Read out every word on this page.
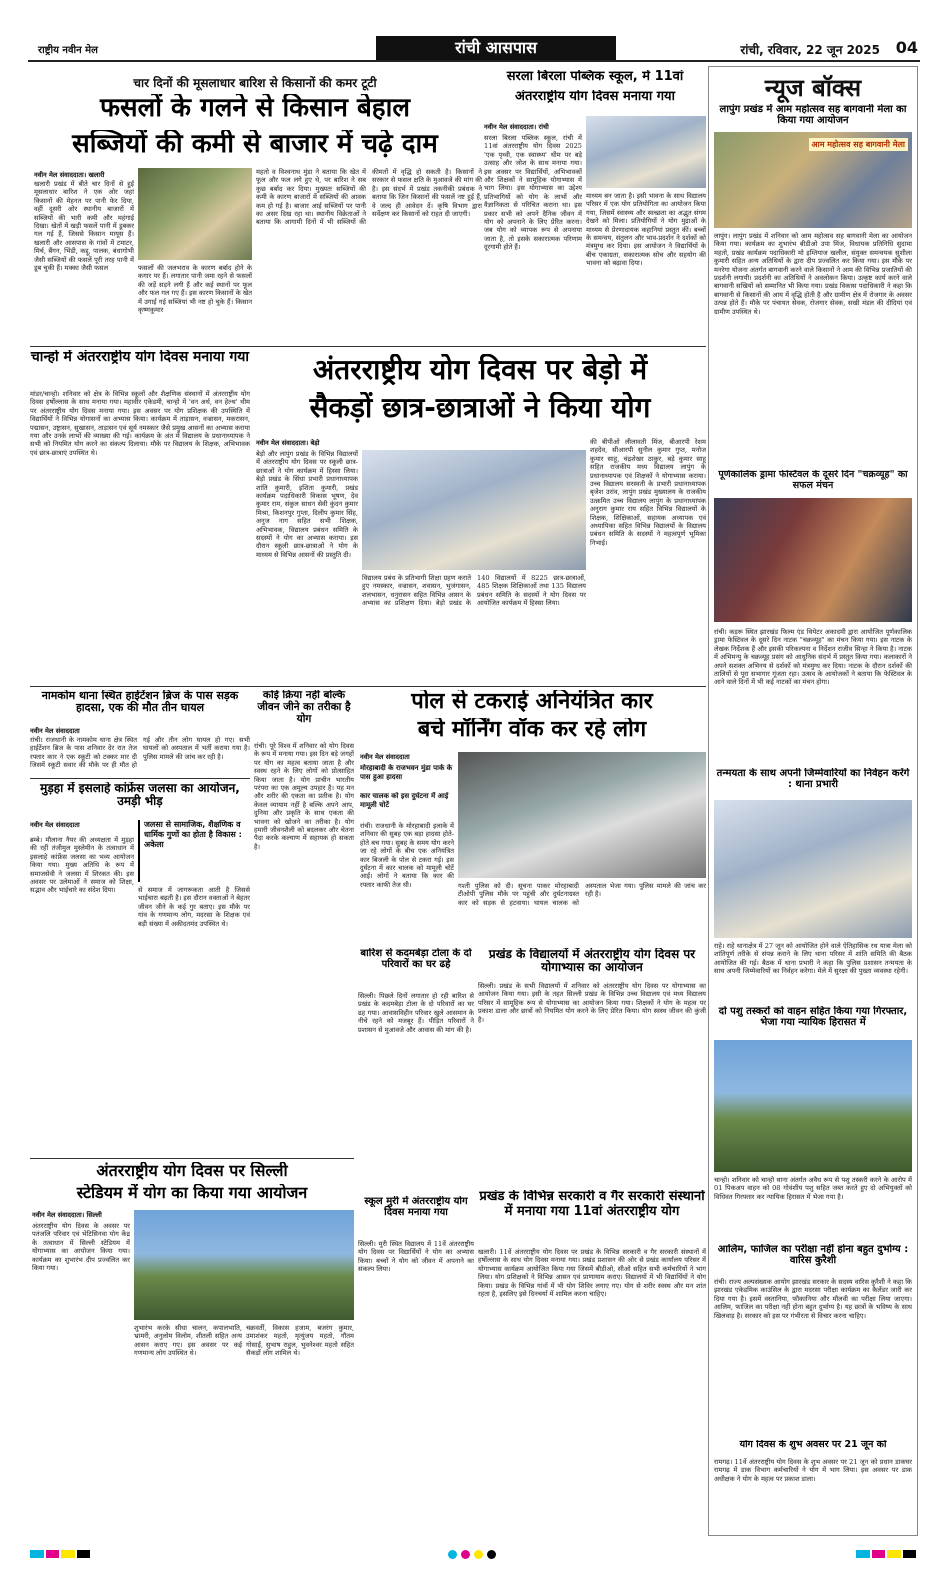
राष्ट्रीय नवीन मेल	रांची आसपास	रांची, रविवार, 22 जून 2025 04
चार दिनों की मूसलाधार बारिश से किसानों की कमर टूटी
फसलों के गलने से किसान बेहाल
सब्जियों की कमी से बाजार में चढ़े दाम
नवीन मेल संवाददाता। खलारी
खलारी प्रखंड में बीते चार दिनों से हुई मूसलाधार बारिश ने एक ओर जहां किसानों की मेहनत पर पानी फेर दिया, वहीं दूसरी ओर स्थानीय बाजारों में सब्जियों की भारी कमी और महंगाई दिखा। खेतों में खड़ी फसलें पानी में डूबकर गल गई हैं, जिससे किसान मायूस हैं। खलारी और आसपास के गांवों में टमाटर, मिर्च, बैंगन, भिंडी, कद्दू, पालक, बंधागोभी जैसी सब्जियों की फसलें पूरी तरह पानी में डूब चुकी हैं। मक्का जैसी फसल	फसलों की जलभराव के कारण बर्बाद होने के कगार पर हैं। लगातार पानी जमा रहने से फसलों की जड़ें सड़ने लगी हैं और कई स्थानों पर फूल और फल गल गए हैं। इस कारण किसानों के खेत में उगाई गई सब्जियां भी नष्ट हो चुके हैं। किसान कृष्णकुमार
महतो व विश्वनाथ मुंडा ने बताया कि खेत में फूल और फल लगे हुए थे, पर बारिश ने सब कुछ बर्बाद कर दिया। मुख्यतः सब्जियों की कमी के कारण बाजारों में सब्जियों की आवक कम हो गई है। बाजार आई सब्जियों पर पानी का असर दिख रहा था। स्थानीय विक्रेताओं ने बताया कि आगामी दिनों में भी सब्जियों की कीमतों में वृद्धि हो सकती है। किसानों ने सरकार से फसल क्षति के मुआवजे की मांग की है। इस संदर्भ में प्रखंड तकनीकी प्रबंधक ने बताया कि जिन किसानों की फसलें नष्ट हुई हैं, वे जल्द ही आवेदन दें। कृषि विभाग द्वारा सर्वेक्षण कर किसानों को राहत दी जाएगी।
सरला बिरला पब्लिक स्कूल, में 11वां
अंतरराष्ट्रीय योग दिवस मनाया गया
नवीन मेल संवाददाता। रांची
सरला बिरला पब्लिक स्कूल, रांची में 11वां अंतरराष्ट्रीय योग दिवस 2025 'एक पृथ्वी, एक स्वास्थ्य' थीम पर बड़े उत्साह और जोश के साथ मनाया गया। इस अवसर पर विद्यार्थियों, अभिभावकों और शिक्षकों ने सामूहिक योगाभ्यास में भाग लिया। इस योगाभ्यास का उद्देश्य प्रतिभागियों को योग के लाभों और वैज्ञानिकता से परिचित कराना था। इस प्रकार सभी को अपने दैनिक जीवन में योग को अपनाने के लिए प्रेरित करना। जब योग को व्यापक रूप से अपनाया जाता है, तो इसके सकारात्मक परिणाम दूरगामी होते हैं।
माध्यम बन जाता है। इसी भावना के साथ विद्यालय परिसर में एक योग प्रतियोगिता का आयोजन किया गया, जिसमें स्वास्थ्य और स्वच्छता का अद्भुत संगम देखने को मिला। प्रतियोगियों ने योग मुद्राओं के माध्यम से प्रेरणादायक कहानियां प्रस्तुत कीं। बच्चों के समन्वय, संतुलन और भाव-प्रदर्शन ने दर्शकों को मंत्रमुग्ध कर दिया। इस आयोजन ने विद्यार्थियों के बीच एकाग्रता, सकारात्मक सोच और सहयोग की भावना को बढ़ावा दिया।
न्यूज बॉक्स
लापुंग प्रखंड में आम महोत्सव सह बागवानी मेला का किया गया आयोजन
आम महोत्सव सह बागवानी मेला
लापुंग। लापुंग प्रखंड में शनिवार को आम महोत्सव सह बागवानी मेला का आयोजन किया गया। कार्यक्रम का शुभारंभ बीडीओ उपा मिंज, विधायक प्रतिनिधि सुदामा महतो, प्रखंड कार्यक्रम पदाधिकारी मो इम्तियाज खलील, संयुक्त समन्वयक सुशीला कुमारी सहित अन्य अतिथियों के द्वारा दीप प्रज्वलित कर किया गया। इस मौके पर मनरेगा योजना अंतर्गत बागवानी करने वाले किसानों ने आम की विभिन्न प्रजातियों की प्रदर्शनी लगायी। प्रदर्शनी का अतिथियों ने अवलोकन किया। उत्कृष्ट कार्य करने वाले बागवानी सखियों को सम्मानित भी किया गया। प्रखंड विकास पदाधिकारी ने कहा कि बागवानी से किसानों की आय में वृद्धि होती है और ग्रामीण क्षेत्र में रोजगार के अवसर उत्पन्न होते हैं। मौके पर पंचायत सेवक, रोजगार सेवक, सखी मंडल की दीदियां एवं ग्रामीण उपस्थित थे।
पूर्णकालिक ड्रामा फेस्टिवल के दूसरे दिन "चक्रव्यूह" का सफल मंचन
रांची। कड़रू स्थित झारखंड फिल्म एंड थियेटर अकादमी द्वारा आयोजित पूर्णकालिक ड्रामा फेस्टिवल के दूसरे दिन नाटक "चक्रव्यूह" का मंचन किया गया। इस नाटक के लेखक निर्देशक हैं और इसकी परिकल्पना व निर्देशन राजीव सिन्हा ने किया है। नाटक में अभिमन्यु के चक्रव्यूह प्रसंग को आधुनिक संदर्भ में प्रस्तुत किया गया। कलाकारों ने अपने सशक्त अभिनय से दर्शकों को मंत्रमुग्ध कर दिया। नाटक के दौरान दर्शकों की तालियों से पूरा सभागार गूंजता रहा। उत्सव के आयोजकों ने बताया कि फेस्टिवल के आने वाले दिनों में भी कई नाटकों का मंचन होगा।
तन्मयता के साथ अपनी जिम्मेवारियों का निर्वहन करेंगे : थाना प्रभारी
राहे। राहे थानाक्षेत्र में 27 जून को आयोजित होने वाले ऐतिहासिक रथ यात्रा मेला को शांतिपूर्ण तरीके से संपन्न कराने के लिए थाना परिसर में शांति समिति की बैठक आयोजित की गई। बैठक में थाना प्रभारी ने कहा कि पुलिस प्रशासन तन्मयता के साथ अपनी जिम्मेवारियों का निर्वहन करेगा। मेले में सुरक्षा की पुख्ता व्यवस्था रहेगी।
दो पशु तस्करों को वाहन सहित किया गया गिरफ्तार, भेजा गया न्यायिक हिरासत में
चान्हो। शनिवार को चान्हो थाना अंतर्गत अवैध रूप से पशु तस्करी करने के आरोप में 01 पिकअप वाहन को 08 गोवंशीय पशु सहित जब्त करते हुए दो अभियुक्तों को विधिवत गिरफ्तार कर न्यायिक हिरासत में भेजा गया है।
आलिम, फाजिल का परीक्षा नहीं होना बहुत दुर्भाग्य : वारिस कुरैशी
रांची। राज्य अल्पसंख्यक आयोग झारखंड सरकार के सदस्य वारिस कुरैशी ने कहा कि झारखंड एकेडमिक काउंसिल के द्वारा मदरसा परीक्षा कार्यक्रम का कैलेंडर जारी कर दिया गया है। इसमें वस्तानिया, फौकानिया और मौलवी का परीक्षा लिया जाएगा। आलिम, फाजिल का परीक्षा नहीं होना बहुत दुर्भाग्य है। यह छात्रों के भविष्य के साथ खिलवाड़ है। सरकार को इस पर गंभीरता से विचार करना चाहिए।
योग दिवस के शुभ अवसर पर 21 जून को
रामगढ़। 11वें अंतरराष्ट्रीय योग दिवस के शुभ अवसर पर 21 जून को प्रधान डाकघर रामगढ़ में डाक विभाग कर्मचारियों ने योग में भाग लिया। इस अवसर पर डाक अधीक्षक ने योग के महत्व पर प्रकाश डाला।
चान्हो में अंतरराष्ट्रीय योग दिवस मनाया गया
मांडर/चान्हो। शनिवार को क्षेत्र के विभिन्न स्कूलों और शैक्षणिक संस्थानों में अंतरराष्ट्रीय योग दिवस हर्षोल्लास के साथ मनाया गया। महावीर एकेडमी, चान्हो में 'वन अर्थ, वन हेल्थ' थीम पर अंतरराष्ट्रीय योग दिवस मनाया गया। इस अवसर पर योग प्रशिक्षक की उपस्थिति में विद्यार्थियों ने विभिन्न योगासनों का अभ्यास किया। कार्यक्रम में ताड़ासन, वज्रासन, मकरासन, पद्मासन, उष्ट्रासन, सुखासन, ताड़ासन एवं सूर्य नमस्कार जैसे प्रमुख आसनों का अभ्यास कराया गया और उनके लाभों की व्याख्या की गई। कार्यक्रम के अंत में विद्यालय के प्रधानाध्यापक ने सभी को नियमित योग करने का संकल्प दिलाया। मौके पर विद्यालय के शिक्षक, अभिभावक एवं छात्र-छात्राएं उपस्थित थे।
अंतरराष्ट्रीय योग दिवस पर बेड़ो में
सैकड़ों छात्र-छात्राओं ने किया योग
नवीन मेल संवाददाता। बेड़ो
बेड़ो और लापुंग प्रखंड के विभिन्न विद्यालयों में अंतरराष्ट्रीय योग दिवस पर स्कूली छात्र-छात्राओं ने योग कार्यक्रम में हिस्सा लिया। बेड़ो प्रखंड के सिंधा प्रभारी प्रधानाध्यापक शांति कुमारी, इशिता कुमारी, प्रखंड कार्यक्रम पदाधिकारी विकास भूषण, देव कुमार राम, संकुल साधन सेवी कुंदन कुमार मिश्रा, किशनपुर गुप्ता, दिलीप कुमार सिंह, अनुज नाग सहित सभी शिक्षक, अभिभावक, विद्यालय प्रबंधन समिति के सदस्यों ने योग का अभ्यास कराया। इस दौरान स्कूली छात्र-छात्राओं ने योग के माध्यम से विभिन्न आसनों की प्रस्तुति दी।
विद्यालय प्रबंध के प्रतिभागी शिक्षा ग्रहण कराते हुए नमस्कार, वज्रासन, शवासन, भुजंगासन, शलभासन, धनुरासन सहित विभिन्न आसन के अभ्यास का प्रशिक्षण दिया। बेड़ो प्रखंड के 140 विद्यालयों में 8225 छात्र-छात्राओं, 485 शिक्षक शिक्षिकाओं तथा 135 विद्यालय प्रबंधन समिति के सदस्यों ने योग दिवस पर आयोजित कार्यक्रम में हिस्सा लिया।
की बीपीओ लीलावती मिंज, बीआरपी रेशम शहदेव, सीआरपी सुनील कुमार गुप्त, मनोज कुमार साहू, चंद्रशेखर ठाकुर, बड़े कुमार साहू सहित राजकीय मध्य विद्यालय लापुंग के प्रधानाध्यापक एवं शिक्षकों ने योगाभ्यास कराया। उच्च विद्यालय सरस्वती के प्रभारी प्रधानाध्यापक बृजेश उरांव, लापुंग प्रखंड मुख्यालय के राजकीय उत्क्रमित उच्च विद्यालय लापुंग के प्रधानाध्यापक अनुराग कुमार राय सहित विभिन्न विद्यालयों के शिक्षक, शिक्षिकाओं, सहायक अध्यापक एवं अध्यापिका सहित विभिन्न विद्यालयों के विद्यालय प्रबंधन समिति के सदस्यों ने महत्वपूर्ण भूमिका निभाई।
नामकोम थाना स्थित हाईटेंशन ब्रिज के पास सड़क हादसा, एक की मौत तीन घायल
नवीन मेल संवाददाता
रांची। राजधानी के नामकोम थाना क्षेत्र स्थित हाईटेंशन ब्रिज के पास शनिवार देर रात तेज रफ्तार कार ने एक स्कूटी को टक्कर मार दी जिसमें स्कूटी सवार की मौके पर ही मौत हो गई और तीन लोग घायल हो गए। सभी घायलों को अस्पताल में भर्ती कराया गया है। पुलिस मामले की जांच कर रही है।
कोई क्रिया नहीं बल्कि जीवन जीने का तरीका है योग
रांची। पूरे विश्व में शनिवार को योग दिवस के रूप में मनाया गया। इस दिन बड़े जगहों पर योग का महत्व बताया जाता है और स्वस्थ रहने के लिए लोगों को प्रोत्साहित किया जाता है। योग प्राचीन भारतीय परंपरा का एक अमूल्य उपहार है। यह मन और शरीर की एकता का प्रतीक है। योग केवल व्यायाम नहीं है बल्कि अपने आप, दुनिया और प्रकृति के साथ एकता की भावना को खोजने का तरीका है। योग हमारी जीवनशैली को बदलकर और चेतना पैदा करके कल्याण में सहायक हो सकता है।
मुड़हा में इसलाहे कांफ्रेंस जलसा का आयोजन, उमड़ी भीड़
नवीन मेल संवाददाता	जलसा से सामाजिक, शैक्षणिक व धार्मिक गुणों का होता है विकास : अकेला
ब्रम्बे। मौलाना नैयर की अध्यक्षता में मुड़हा की रहीं तंजीमुल मुस्लेमीन के तत्वाधान में इसलाहे कांफ्रेंस जलसा का भव्य आयोजन किया गया। मुख्य अतिथि के रूप में समाजसेवी ने जलसा में शिरकत की। इस अवसर पर उलेमाओं ने समाज को शिक्षा, सद्भाव और भाईचारे का संदेश दिया।	से समाज में जागरूकता आती है जिससे भाईचारा बढ़ती है। इस दौरान वक्ताओं ने बेहतर जीवन जीने के कई गुर बताए। इस मौके पर गांव के गणमान्य लोग, मदरसा के शिक्षक एवं बड़ी संख्या में अकीदतमंद उपस्थित थे।
पोल से टकराई अनियंत्रित कार
बचे मॉर्निंग वॉक कर रहे लोग
नवीन मेल संवाददाता
मोरहाबादी के राजभवन मुंडा पार्क के पास हुआ हादसा
कार चालक को इस दुर्घटना में आई मामूली चोटें
रांची। राजधानी के मोरहाबादी इलाके में शनिवार की सुबह एक बड़ा हादसा होते-होते बच गया। सुबह के समय योग करने जा रहे लोगों के बीच एक अनियंत्रित कार बिजली के पोल से टकरा गई। इस दुर्घटना में कार चालक को मामूली चोटें आईं। लोगों ने बताया कि कार की रफ्तार काफी तेज थी।	गश्ती पुलिस को दी। सूचना पाकर मोरहाबादी टीओपी पुलिस मौके पर पहुंची और दुर्घटनाग्रस्त कार को सड़क से हटवाया। घायल चालक को अस्पताल भेजा गया। पुलिस मामले की जांच कर रही है।
बारिश से कदमबेड़ा टोला के दो परिवारों का घर ढहे
सिल्ली। पिछले दिनों लगातार हो रही बारिश से प्रखंड के कदमबेड़ा टोला के दो परिवारों का घर ढह गया। आवासविहीन परिवार खुले आसमान के नीचे रहने को मजबूर हैं। पीड़ित परिवारों ने प्रशासन से मुआवजे और आवास की मांग की है।
प्रखंड के विद्यालयों में अंतरराष्ट्रीय योग दिवस पर योगाभ्यास का आयोजन
सिल्ली। प्रखंड के सभी विद्यालयों में शनिवार को अंतरराष्ट्रीय योग दिवस पर योगाभ्यास का आयोजन किया गया। इसी के तहत सिल्ली प्रखंड के विभिन्न उच्च विद्यालय एवं मध्य विद्यालय परिसर में सामूहिक रूप से योगाभ्यास का आयोजन किया गया। शिक्षकों ने योग के महत्व पर प्रकाश डाला और छात्रों को नियमित योग करने के लिए प्रेरित किया। योग स्वस्थ जीवन की कुंजी है।
अंतरराष्ट्रीय योग दिवस पर सिल्ली
स्टेडियम में योग का किया गया आयोजन
नवीन मेल संवाददाता। सिल्ली
अंतरराष्ट्रीय योग दिवस के अवसर पर पतंजलि परिवार एवं भेटिसिनवा योग केंद्र के तत्वाधान में सिल्ली स्टेडियम में योगाभ्यास का आयोजन किया गया। कार्यक्रम का शुभारंभ दीप प्रज्वलित कर किया गया।
शुभारंभ करके सीधा चालन, कपालभाति, भ्रामरी, अनुलोम विलोम, शीतली सहित अन्य आसन कराए गए। इस अवसर पर कई गणमान्य लोग उपस्थित थे।
चक्रवर्ती, विकास हजाम, बजरंग कुमार, उमाशंकर महतो, मृत्युंजय महतो, गौतम गोसाईं, सुभाष राहुल, भुवनेश्वर महतो सहित सैकड़ों लोग शामिल थे।
स्कूल मुरी में अंतरराष्ट्रीय योग दिवस मनाया गया
सिल्ली। मुरी स्थित विद्यालय में 11वें अंतरराष्ट्रीय योग दिवस पर विद्यार्थियों ने योग का अभ्यास किया। बच्चों ने योग को जीवन में अपनाने का संकल्प लिया।
प्रखंड के विभिन्न सरकारी व गैर सरकारी संस्थानों में मनाया गया 11वां अंतरराष्ट्रीय योग
खलारी। 11वें अंतरराष्ट्रीय योग दिवस पर प्रखंड के विभिन्न सरकारी व गैर सरकारी संस्थानों में हर्षोल्लास के साथ योग दिवस मनाया गया। प्रखंड प्रशासन की ओर से प्रखंड कार्यालय परिसर में योगाभ्यास कार्यक्रम आयोजित किया गया जिसमें बीडीओ, सीओ सहित सभी कर्मचारियों ने भाग लिया। योग प्रशिक्षकों ने विभिन्न आसन एवं प्राणायाम कराए। विद्यालयों में भी विद्यार्थियों ने योग किया। प्रखंड के विभिन्न गांवों में भी योग शिविर लगाए गए। योग से शरीर स्वस्थ और मन शांत रहता है, इसलिए इसे दिनचर्या में शामिल करना चाहिए।
